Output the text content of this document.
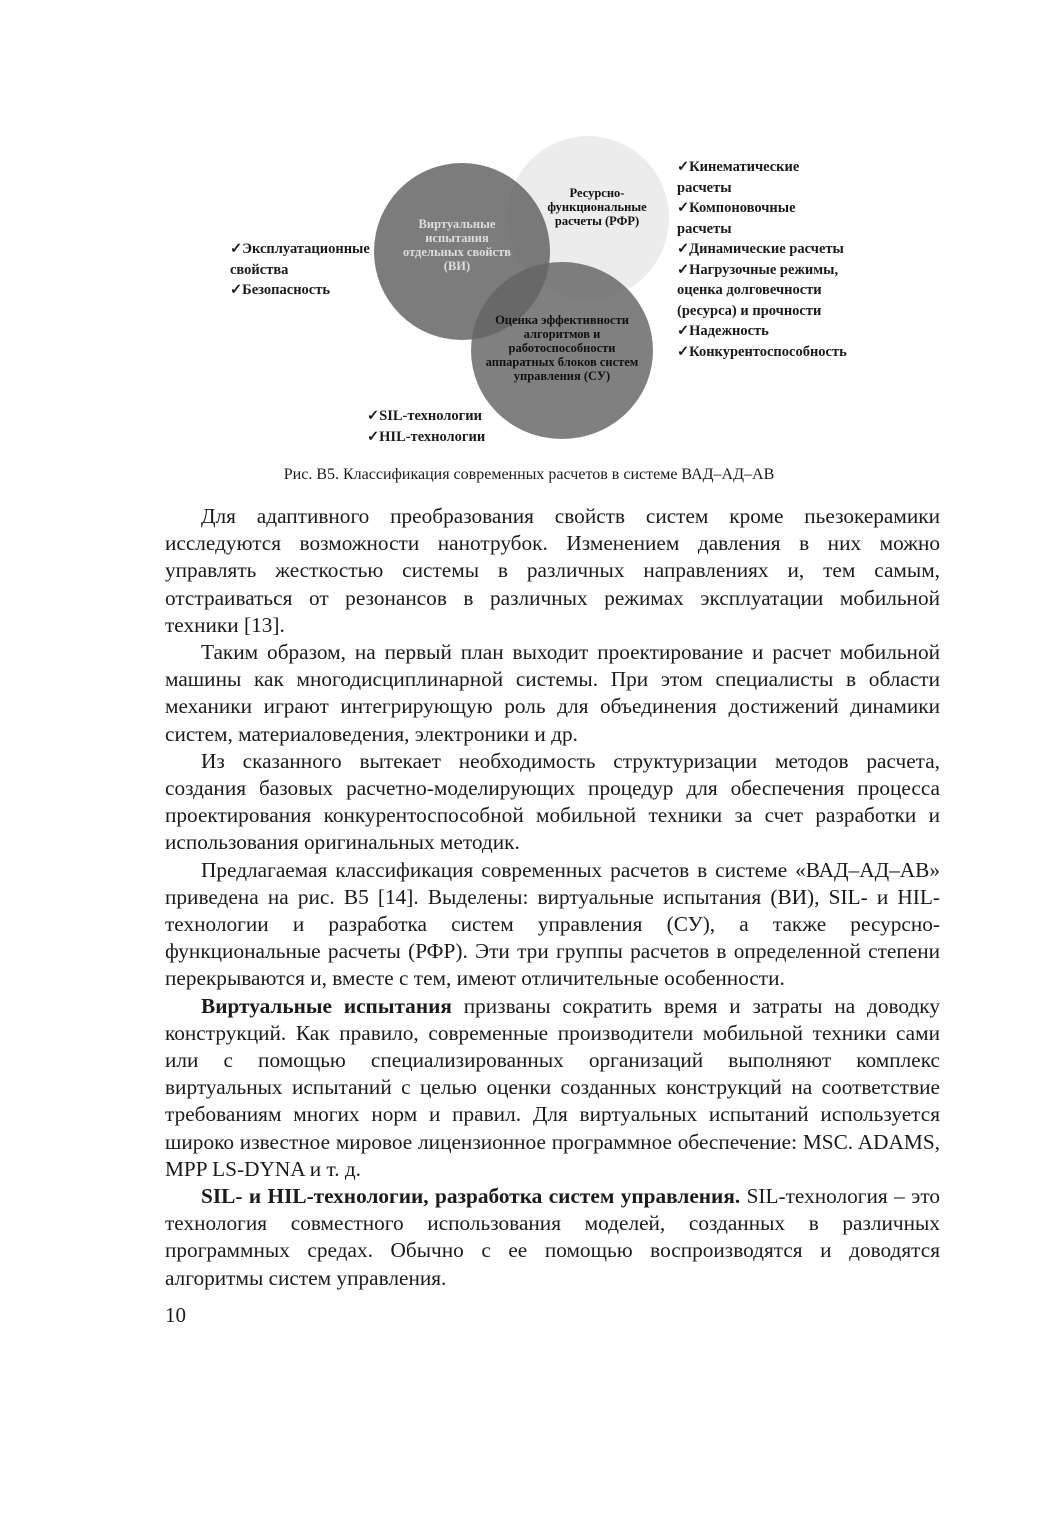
Виртуальные испытания отдельных свойств (ВИ)
Ресурсно-функциональные расчеты (РФР)
Оценка эффективности алгоритмов и работоспособности аппаратных блоков систем управления (СУ)
✓Эксплуатационные свойства
✓Безопасность
✓Кинематические расчеты
✓Компоновочные расчеты
✓Динамические расчеты
✓Нагрузочные режимы, оценка долговечности (ресурса) и прочности
✓Надежность
✓Конкурентоспособность
✓SIL-технологии
✓HIL-технологии
Рис. В5. Классификация современных расчетов в системе ВАД–АД–АВ

Для адаптивного преобразования свойств систем кроме пьезокерамики исследуются возможности нанотрубок. Изменением давления в них можно управлять жесткостью системы в различных направлениях и, тем самым, отстраиваться от резонансов в различных режимах эксплуатации мобильной техники [13].

Таким образом, на первый план выходит проектирование и расчет мобильной машины как многодисциплинарной системы. При этом специалисты в области механики играют интегрирующую роль для объединения достижений динамики систем, материаловедения, электроники и др.

Из сказанного вытекает необходимость структуризации методов расчета, создания базовых расчетно-моделирующих процедур для обеспечения процесса проектирования конкурентоспособной мобильной техники за счет разработки и использования оригинальных методик.

Предлагаемая классификация современных расчетов в системе «ВАД–АД–АВ» приведена на рис. В5 [14]. Выделены: виртуальные испытания (ВИ), SIL- и HIL-технологии и разработка систем управления (СУ), а также ресурсно-функциональные расчеты (РФР). Эти три группы расчетов в определенной степени перекрываются и, вместе с тем, имеют отличительные особенности.

Виртуальные испытания призваны сократить время и затраты на доводку конструкций. Как правило, современные производители мобильной техники сами или с помощью специализированных организаций выполняют комплекс виртуальных испытаний с целью оценки созданных конструкций на соответствие требованиям многих норм и правил. Для виртуальных испытаний используется широко известное мировое лицензионное программное обеспечение: MSC. ADAMS, MPP LS-DYNA и т. д.

SIL- и HIL-технологии, разработка систем управления. SIL-технология – это технология совместного использования моделей, созданных в различных программных средах. Обычно с ее помощью воспроизводятся и доводятся алгоритмы систем управления.

10
